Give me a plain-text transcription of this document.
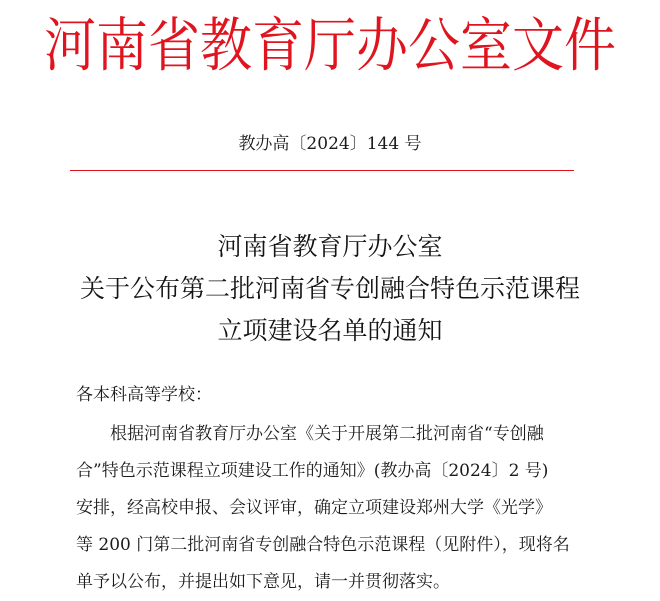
河南省教育厅办公室文件
教办高〔2024〕144 号
河南省教育厅办公室
关于公布第二批河南省专创融合特色示范课程
立项建设名单的通知
各本科高等学校：
根据河南省教育厅办公室《关于开展第二批河南省“专创融
合”特色示范课程立项建设工作的通知》(教办高〔2024〕2 号)
安排，经高校申报、会议评审，确定立项建设郑州大学《光学》
等 200 门第二批河南省专创融合特色示范课程（见附件），现将名
单予以公布，并提出如下意见，请一并贯彻落实。
